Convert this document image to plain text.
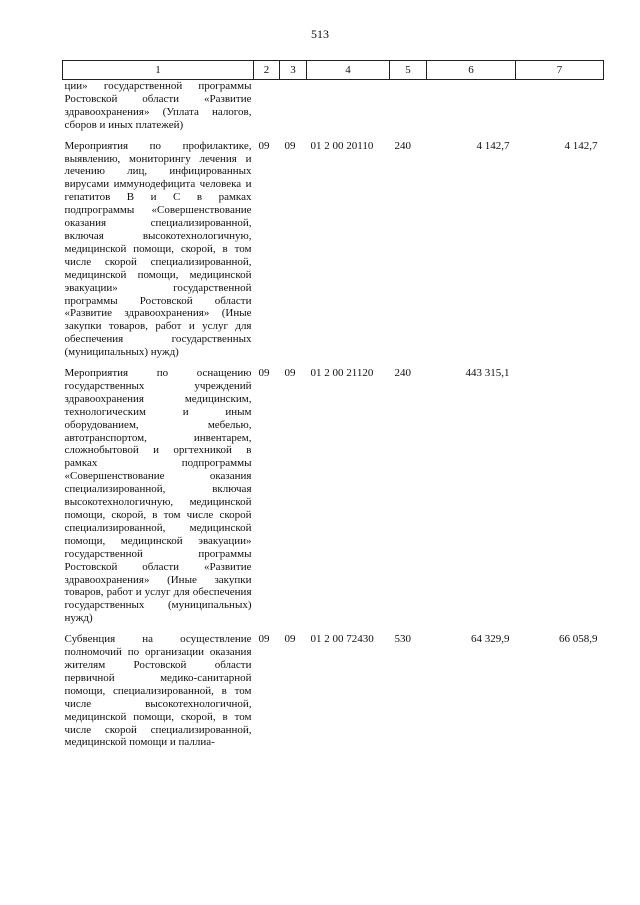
513
1	2	3	4	5	6	7
ции» государственной программы Ростовской области «Развитие здравоохранения» (Уплата налогов, сборов и иных платежей)						
Мероприятия по профилактике, выявлению, мониторингу лечения и лечению лиц, инфицированных вирусами иммунодефицита человека и гепатитов В и С в рамках подпрограммы «Совершенствование оказания специализированной, включая высокотехнологичную, медицинской помощи, скорой, в том числе скорой специализированной, медицинской помощи, медицинской эвакуации» государственной программы Ростовской области «Развитие здравоохранения» (Иные закупки товаров, работ и услуг для обеспечения государственных (муниципальных) нужд)	09	09	01 2 00 20110	240	4 142,7	4 142,7
Мероприятия по оснащению государственных учреждений здравоохранения медицинским, технологическим и иным оборудованием, мебелью, автотранспортом, инвентарем, сложнобытовой и оргтехникой в рамках подпрограммы «Совершенствование оказания специализированной, включая высокотехнологичную, медицинской помощи, скорой, в том числе скорой специализированной, медицинской помощи, медицинской эвакуации» государственной программы Ростовской области «Развитие здравоохранения» (Иные закупки товаров, работ и услуг для обеспечения государственных (муниципальных) нужд)	09	09	01 2 00 21120	240	443 315,1	
Субвенция на осуществление полномочий по организации оказания жителям Ростовской области первичной медико-санитарной помощи, специализированной, в том числе высокотехнологичной, медицинской помощи, скорой, в том числе скорой специализированной, медицинской помощи и паллиа-	09	09	01 2 00 72430	530	64 329,9	66 058,9
